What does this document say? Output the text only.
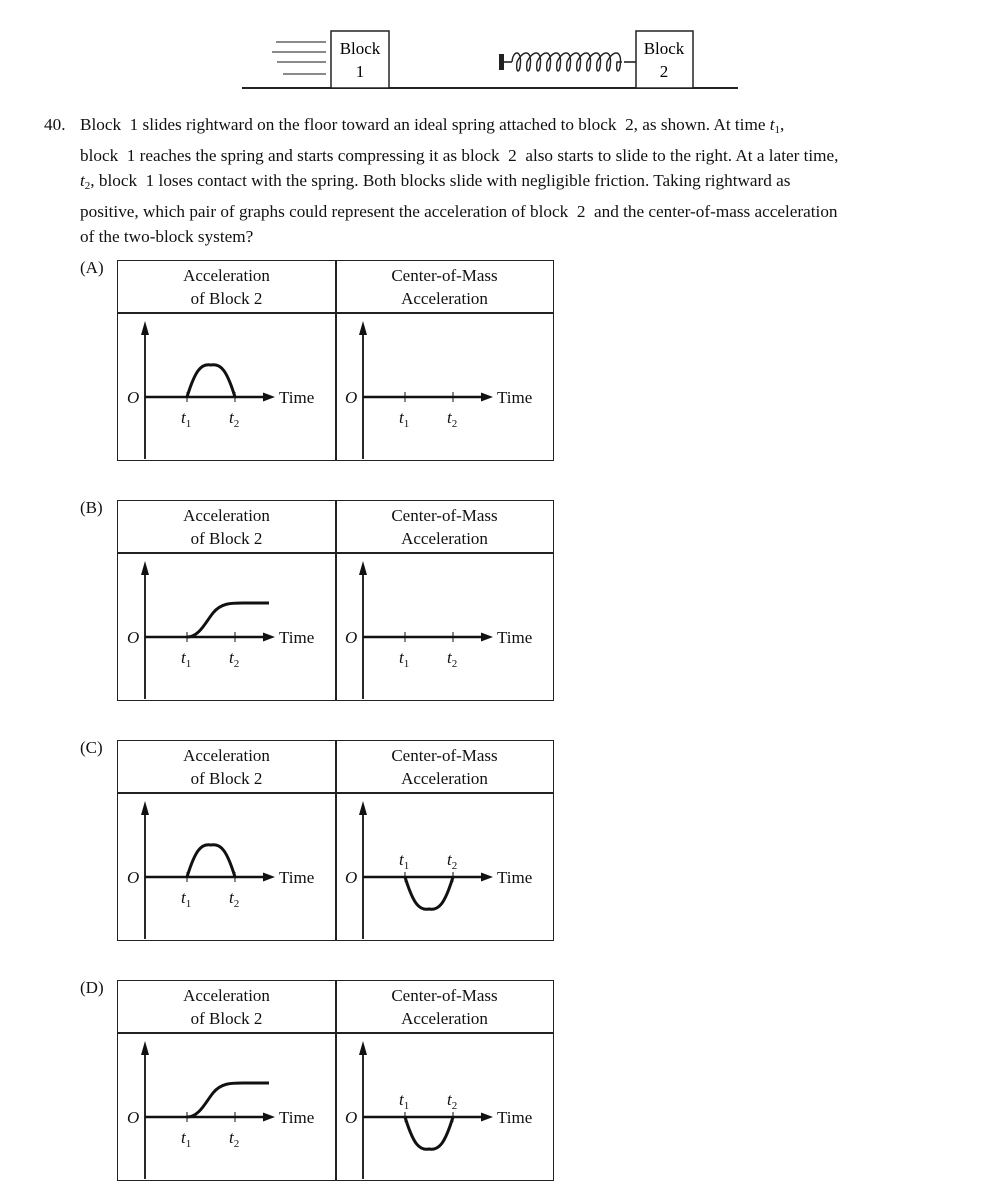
Block
1
Block
2
40. Block  1 slides rightward on the floor toward an ideal spring attached to block  2, as shown. At time $t_1$,
block  1 reaches the spring and starts compressing it as block  2  also starts to slide to the right. At a later time,
$t_2$, block  1 loses contact with the spring. Both blocks slide with negligible friction. Taking rightward as
positive, which pair of graphs could represent the acceleration of block  2  and the center-of-mass acceleration
of the two-block system?
(A)	Acceleration
of Block 2
Center-of-Mass
Acceleration
O	Time
$t_1$ $t_2$
O	Time
$t_1$ $t_2$
(B)	Acceleration
of Block 2
Center-of-Mass
Acceleration
O	Time
$t_1$ $t_2$
O	Time
$t_1$ $t_2$
(C)	Acceleration
of Block 2
Center-of-Mass
Acceleration
O	Time
$t_1$ $t_2$
O	Time
$t_1$ $t_2$
(D)	Acceleration
of Block 2
Center-of-Mass
Acceleration
O	Time
$t_1$ $t_2$
O	Time
$t_1$ $t_2$
